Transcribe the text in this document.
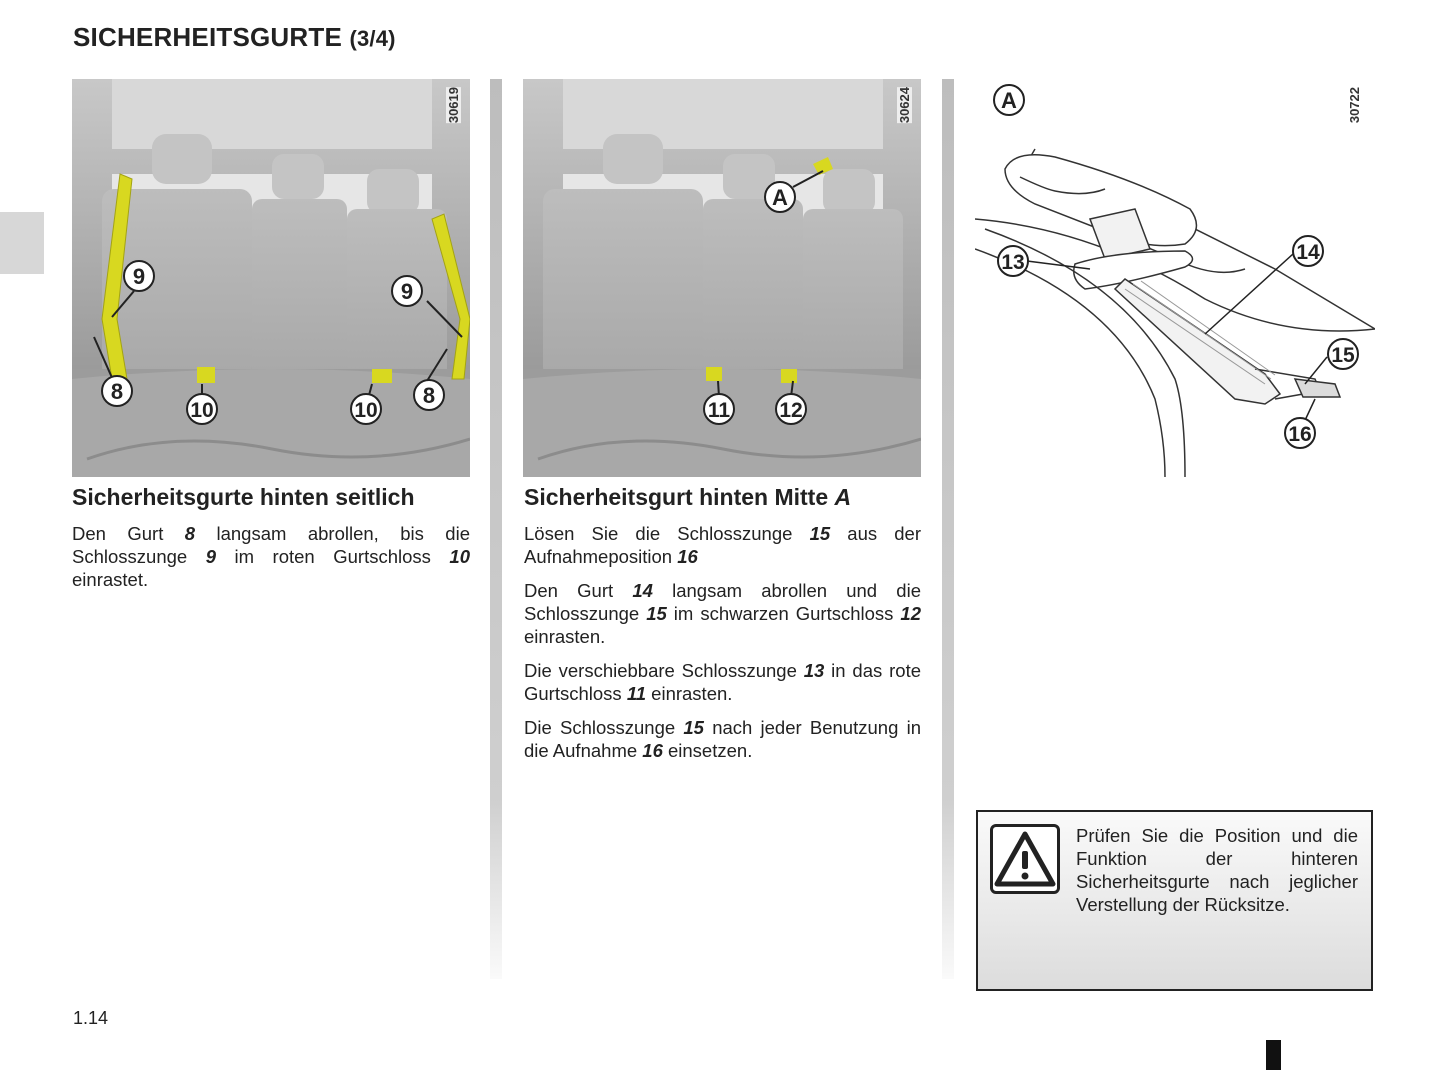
SICHERHEITSGURTE (3/4)
9
9
8	8
10	10
30619
A
11 12
30624	A
13	14
15
16
30722
Sicherheitsgurte hinten seitlich

Den Gurt 8 langsam abrollen, bis die Schlosszunge 9 im roten Gurtschloss 10 einrastet.

Sicherheitsgurt hinten Mitte A

Lösen Sie die Schlosszunge 15 aus der Aufnahmeposition 16

Den Gurt 14 langsam abrollen und die Schlosszunge 15 im schwarzen Gurtschloss 12 einrasten.

Die verschiebbare Schlosszunge 13 in das rote Gurtschloss 11 einrasten.

Die Schlosszunge 15 nach jeder Benutzung in die Aufnahme 16 einsetzen.

Prüfen Sie die Position und die Funktion der hinteren Sicherheitsgurte nach jeglicher Verstellung der Rücksitze.

1.14
